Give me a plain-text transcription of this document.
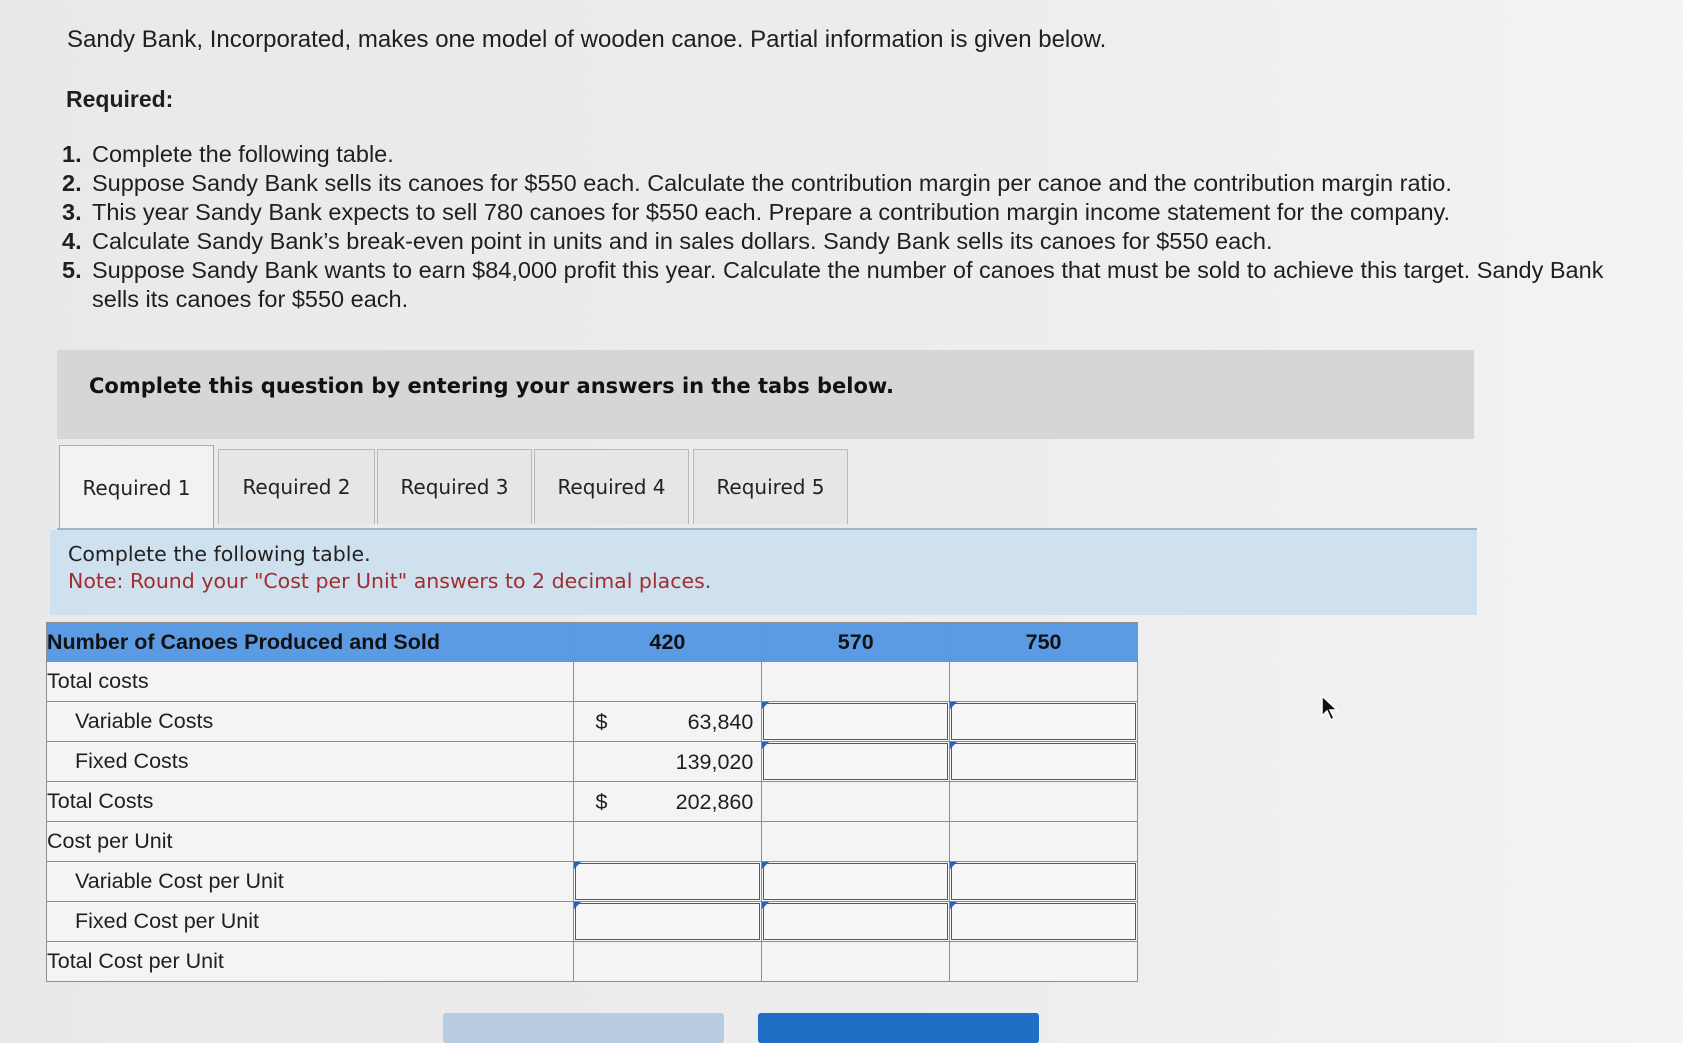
Sandy Bank, Incorporated, makes one model of wooden canoe. Partial information is given below.
Required:
1. Complete the following table.
2. Suppose Sandy Bank sells its canoes for $550 each. Calculate the contribution margin per canoe and the contribution margin ratio.
3. This year Sandy Bank expects to sell 780 canoes for $550 each. Prepare a contribution margin income statement for the company.
4. Calculate Sandy Bank’s break-even point in units and in sales dollars. Sandy Bank sells its canoes for $550 each.
5. Suppose Sandy Bank wants to earn $84,000 profit this year. Calculate the number of canoes that must be sold to achieve this target. Sandy Bank sells its canoes for $550 each.
Complete this question by entering your answers in the tabs below.
Required 1	Required 2	Required 3	Required 4	Required 5
Complete the following table.
Note: Round your "Cost per Unit" answers to 2 decimal places.
Number of Canoes Produced and Sold	420	570	750
Total costs			
Variable Costs	$ 63,840		

Fixed Costs	139,020		

Total Costs	$ 202,860		

Cost per Unit			
Variable Cost per Unit	

Fixed Cost per Unit	

Total Cost per Unit			
